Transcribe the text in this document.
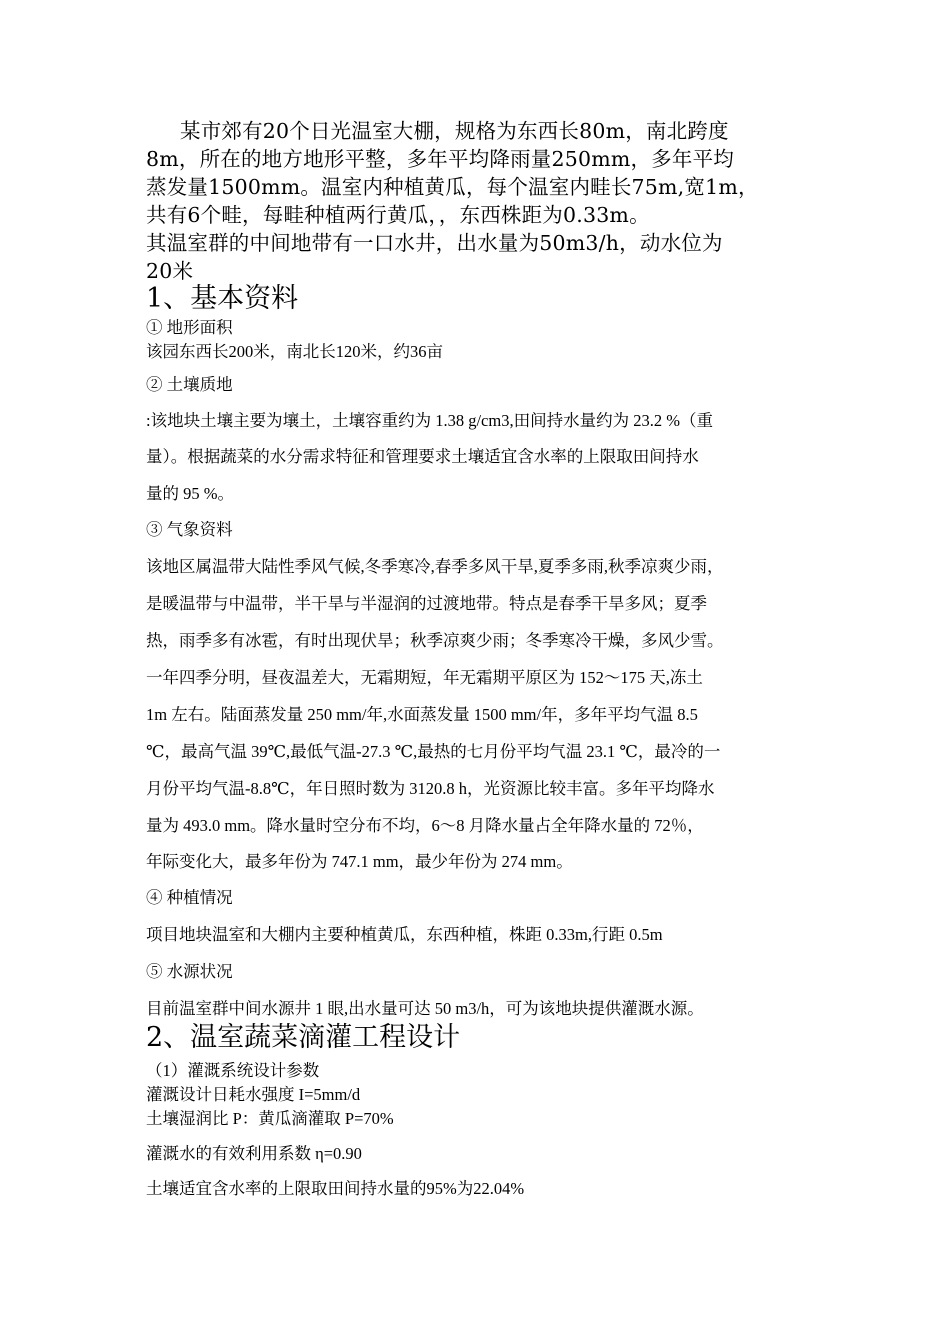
某市郊有20个日光温室大棚，规格为东西长80m，南北跨度

8m，所在的地方地形平整，多年平均降雨量250mm，多年平均

蒸发量1500mm。温室内种植黄瓜，每个温室内畦长75m,宽1m，

共有6个畦，每畦种植两行黄瓜，，东西株距为0.33m。

其温室群的中间地带有一口水井，出水量为50m3/h，动水位为

20米

1、基本资料

① 地形面积

该园东西长200米，南北长120米，约36亩

② 土壤质地

:该地块土壤主要为壤土，土壤容重约为 1.38 g/cm3,田间持水量约为 23.2 %（重

量）。根据蔬菜的水分需求特征和管理要求土壤适宜含水率的上限取田间持水

量的 95 %。

③ 气象资料

该地区属温带大陆性季风气候,冬季寒冷,春季多风干旱,夏季多雨,秋季凉爽少雨，

是暖温带与中温带，半干旱与半湿润的过渡地带。特点是春季干旱多风；夏季

热，雨季多有冰雹，有时出现伏旱；秋季凉爽少雨；冬季寒冷干燥，多风少雪。

一年四季分明，昼夜温差大，无霜期短，年无霜期平原区为 152～175 天,冻土

1m 左右。陆面蒸发量 250 mm/年,水面蒸发量 1500 mm/年，多年平均气温 8.5

℃，最高气温 39℃,最低气温-27.3 ℃,最热的七月份平均气温 23.1 ℃，最冷的一

月份平均气温-8.8℃，年日照时数为 3120.8 h，光资源比较丰富。多年平均降水

量为 493.0 mm。降水量时空分布不均，6～8 月降水量占全年降水量的 72％，

年际变化大，最多年份为 747.1 mm，最少年份为 274 mm。

④ 种植情况

项目地块温室和大棚内主要种植黄瓜，东西种植，株距 0.33m,行距 0.5m

⑤ 水源状况

目前温室群中间水源井 1 眼,出水量可达 50 m3/h，可为该地块提供灌溉水源。

2、温室蔬菜滴灌工程设计

（1）灌溉系统设计参数

灌溉设计日耗水强度 I=5mm/d

土壤湿润比 P：黄瓜滴灌取 P=70%

灌溉水的有效利用系数 η=0.90

土壤适宜含水率的上限取田间持水量的95%为22.04%
